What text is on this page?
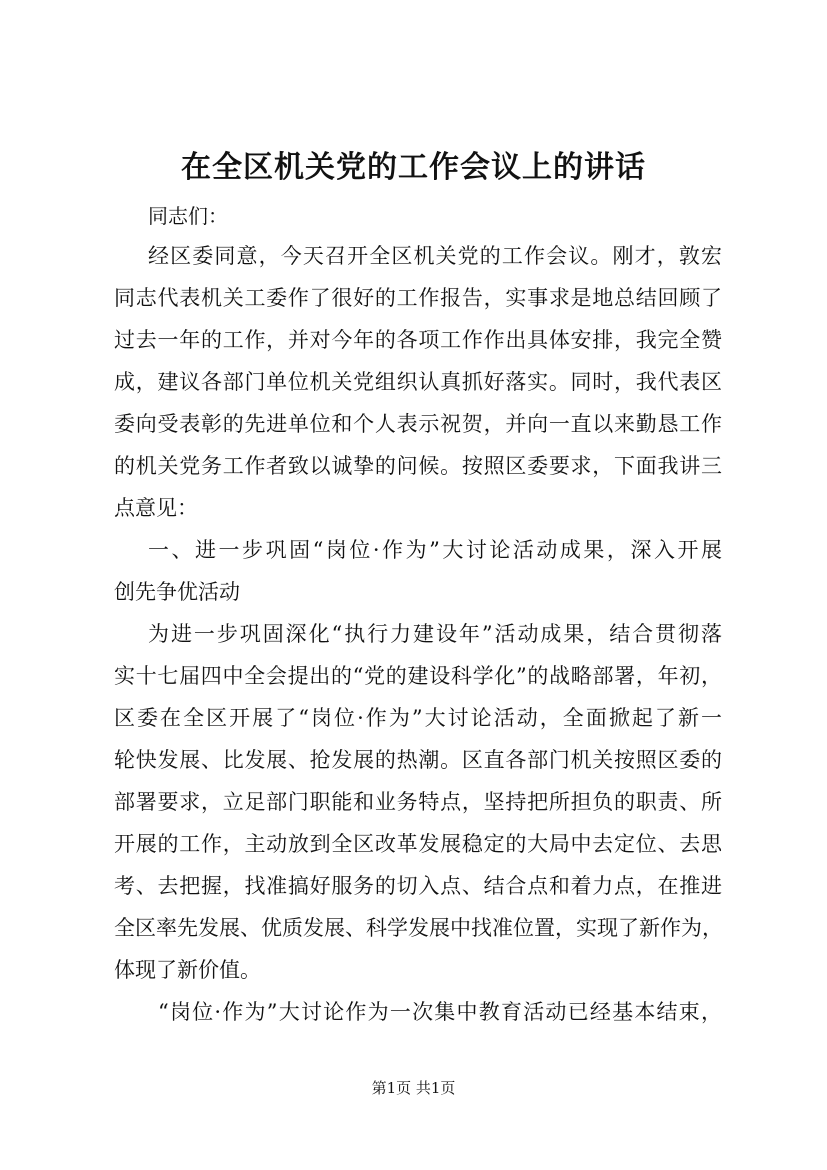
在全区机关党的工作会议上的讲话
同志们：
经区委同意，今天召开全区机关党的工作会议。刚才，敦宏
同志代表机关工委作了很好的工作报告，实事求是地总结回顾了
过去一年的工作，并对今年的各项工作作出具体安排，我完全赞
成，建议各部门单位机关党组织认真抓好落实。同时，我代表区
委向受表彰的先进单位和个人表示祝贺，并向一直以来勤恳工作
的机关党务工作者致以诚挚的问候。按照区委要求，下面我讲三
点意见：
一、进一步巩固“岗位·作为”大讨论活动成果，深入开展
创先争优活动
为进一步巩固深化“执行力建设年”活动成果，结合贯彻落
实十七届四中全会提出的“党的建设科学化”的战略部署，年初，
区委在全区开展了“岗位·作为”大讨论活动，全面掀起了新一
轮快发展、比发展、抢发展的热潮。区直各部门机关按照区委的
部署要求，立足部门职能和业务特点，坚持把所担负的职责、所
开展的工作，主动放到全区改革发展稳定的大局中去定位、去思
考、去把握，找准搞好服务的切入点、结合点和着力点，在推进
全区率先发展、优质发展、科学发展中找准位置，实现了新作为，
体现了新价值。
“岗位·作为”大讨论作为一次集中教育活动已经基本结束，
第1页 共1页
